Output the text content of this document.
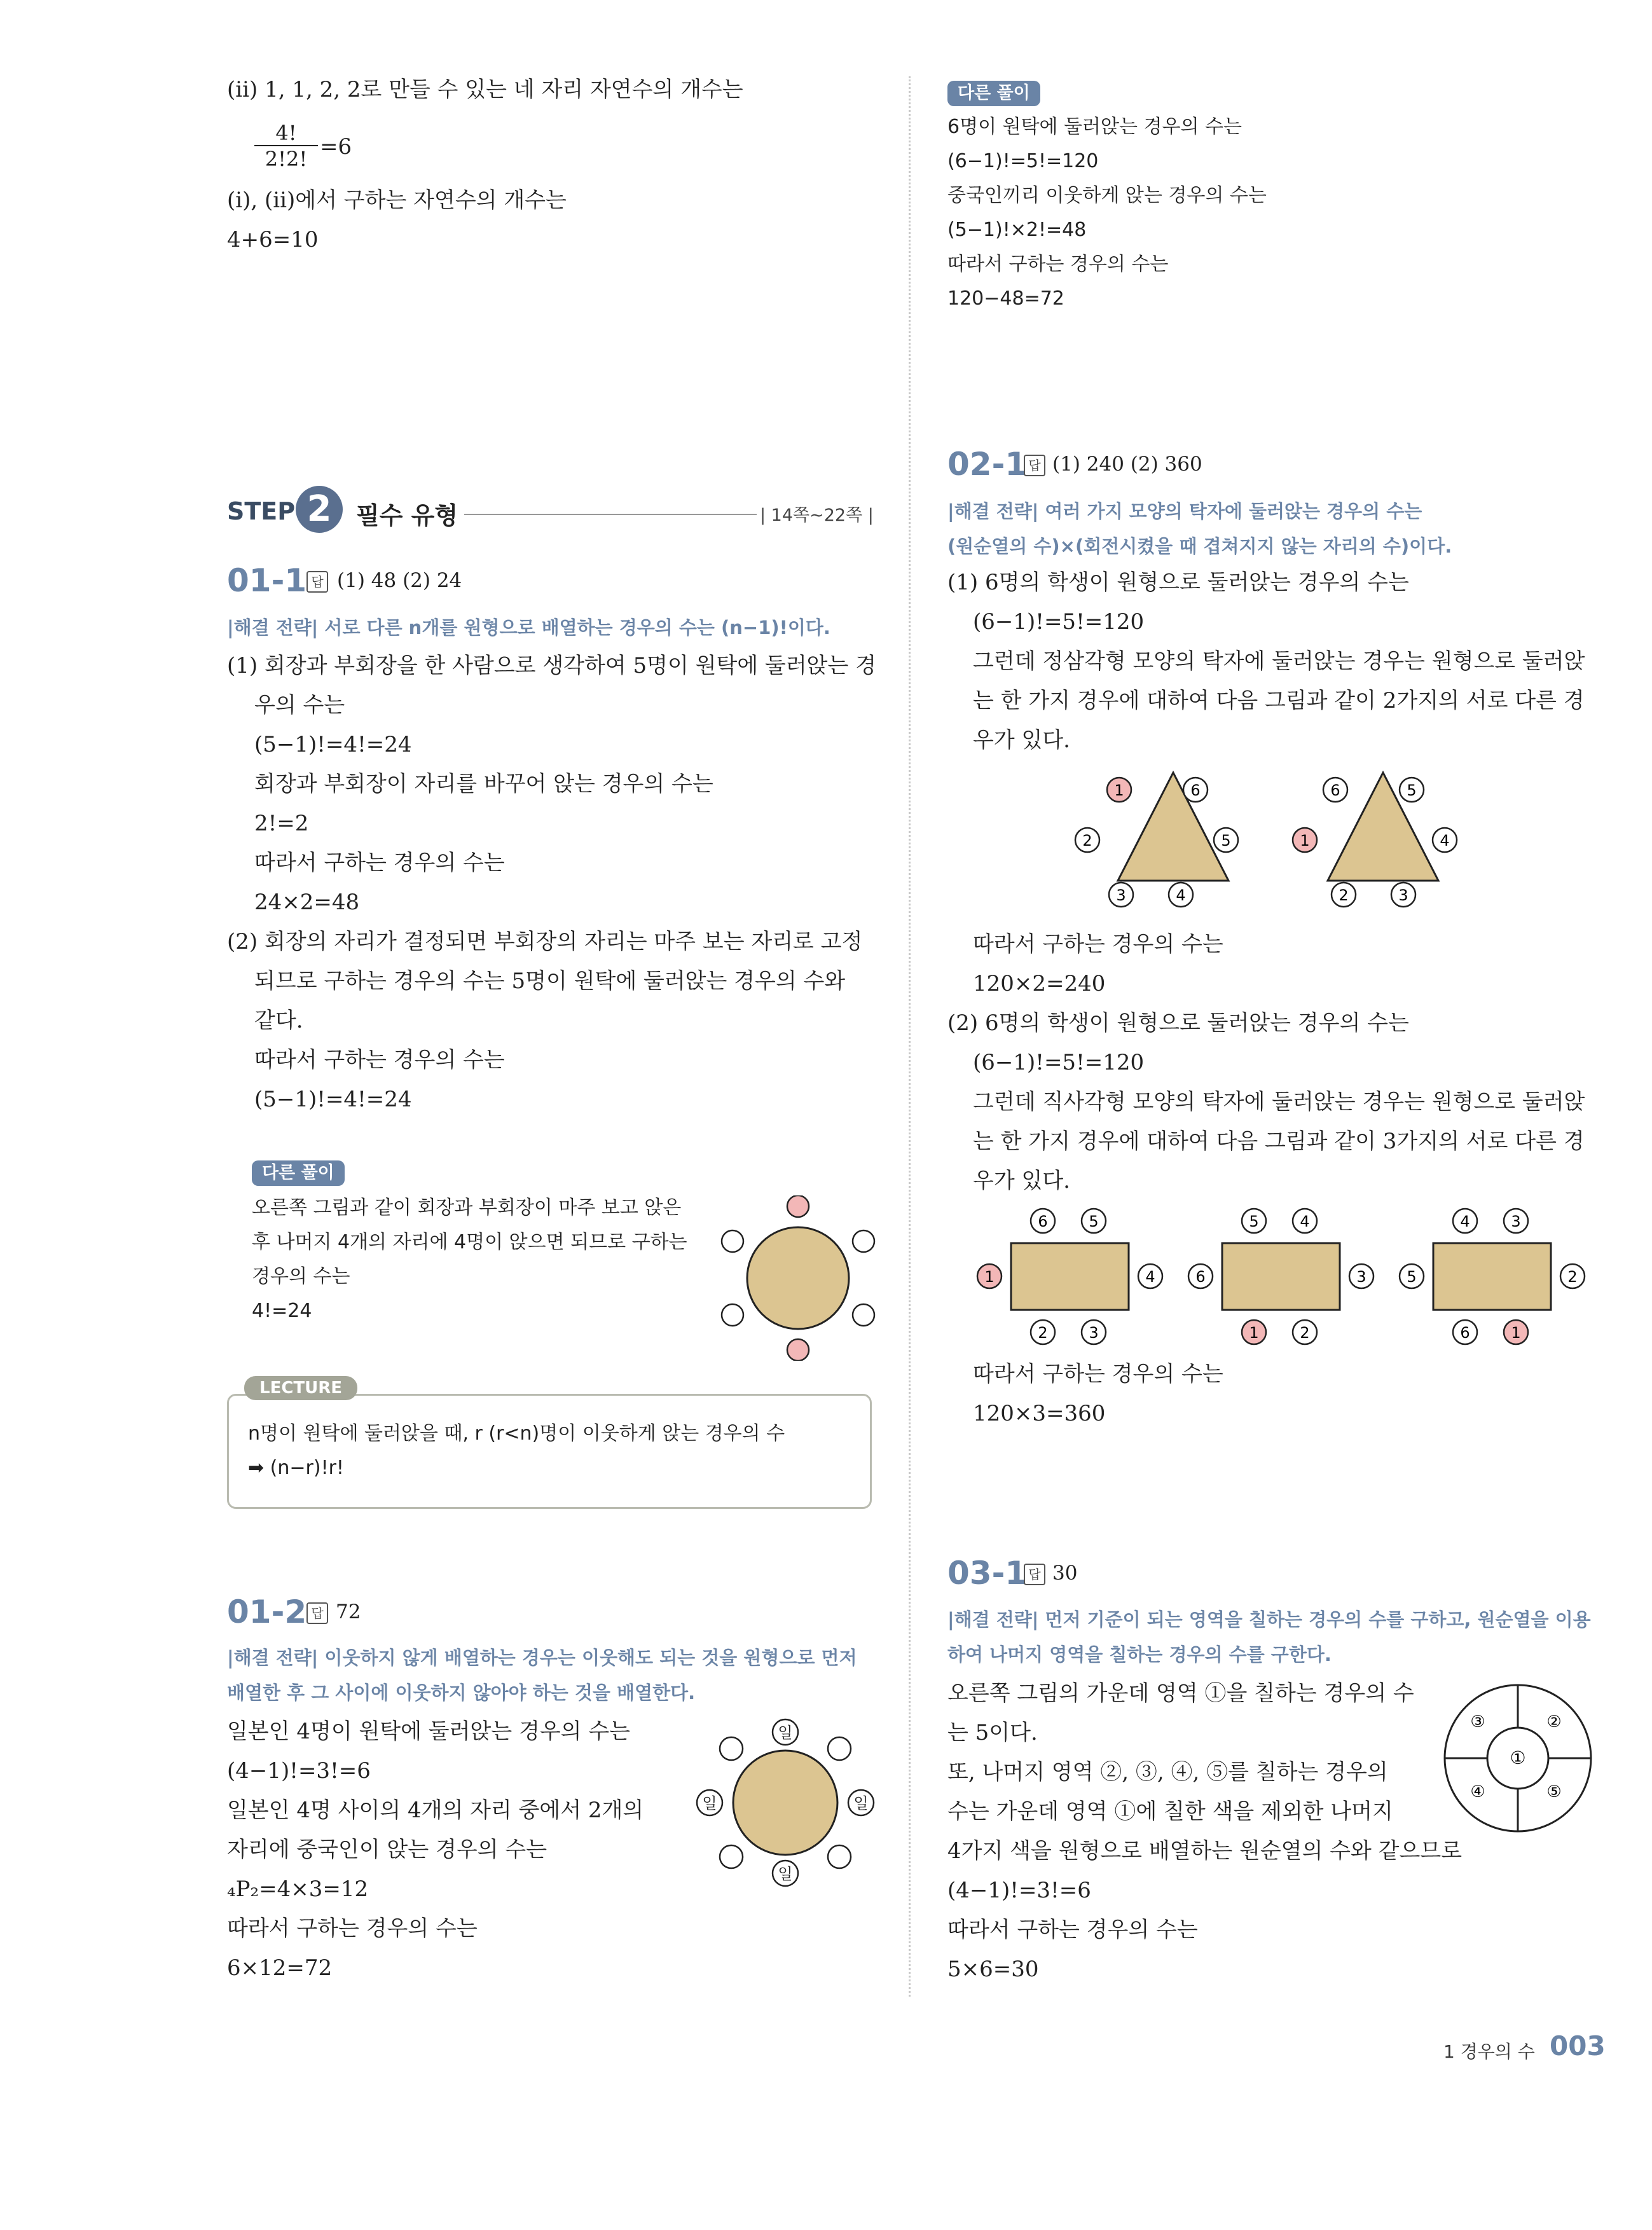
(ⅱ) 1, 1, 2, 2로 만들 수 있는 네 자리 자연수의 개수는
$\frac{4!}{2!2!} =6$
(ⅰ), (ⅱ)에서 구하는 자연수의 개수는
4+6=10
STEP 2	필수 유형	| 14쪽~22쪽 |
01-1 답 (1) 48 (2) 24
|해결 전략| 서로 다른 n개를 원형으로 배열하는 경우의 수는 (n−1)!이다.
(1) 회장과 부회장을 한 사람으로 생각하여 5명이 원탁에 둘러앉는 경
우의 수는
(5−1)!=4!=24
회장과 부회장이 자리를 바꾸어 앉는 경우의 수는
2!=2
따라서 구하는 경우의 수는
24×2=48
(2) 회장의 자리가 결정되면 부회장의 자리는 마주 보는 자리로 고정
되므로 구하는 경우의 수는 5명이 원탁에 둘러앉는 경우의 수와
같다.
따라서 구하는 경우의 수는
(5−1)!=4!=24
다른 풀이
오른쪽 그림과 같이 회장과 부회장이 마주 보고 앉은
후 나머지 4개의 자리에 4명이 앉으면 되므로 구하는
경우의 수는
4!=24
LECTURE
n명이 원탁에 둘러앉을 때, r (r<n)명이 이웃하게 앉는 경우의 수
➡ (n−r)!r!
01-2 답 72
|해결 전략| 이웃하지 않게 배열하는 경우는 이웃해도 되는 것을 원형으로 먼저
배열한 후 그 사이에 이웃하지 않아야 하는 것을 배열한다.
일본인 4명이 원탁에 둘러앉는 경우의 수는
(4−1)!=3!=6
일본인 4명 사이의 4개의 자리 중에서 2개의
자리에 중국인이 앉는 경우의 수는
₄P₂=4×3=12
따라서 구하는 경우의 수는
6×12=72
일
일
일	일
다른 풀이
6명이 원탁에 둘러앉는 경우의 수는
(6−1)!=5!=120
중국인끼리 이웃하게 앉는 경우의 수는
(5−1)!×2!=48
따라서 구하는 경우의 수는
120−48=72
02-1 답 (1) 240 (2) 360
|해결 전략| 여러 가지 모양의 탁자에 둘러앉는 경우의 수는
(원순열의 수)×(회전시켰을 때 겹쳐지지 않는 자리의 수)이다.
(1) 6명의 학생이 원형으로 둘러앉는 경우의 수는
(6−1)!=5!=120
그런데 정삼각형 모양의 탁자에 둘러앉는 경우는 원형으로 둘러앉
는 한 가지 경우에 대하여 다음 그림과 같이 2가지의 서로 다른 경
우가 있다.
1	6
2	5
3	4
6	5
1	4
2	3
따라서 구하는 경우의 수는
120×2=240
(2) 6명의 학생이 원형으로 둘러앉는 경우의 수는
(6−1)!=5!=120
그런데 직사각형 모양의 탁자에 둘러앉는 경우는 원형으로 둘러앉
는 한 가지 경우에 대하여 다음 그림과 같이 3가지의 서로 다른 경
우가 있다.
6	5
1	4
2	3
5	4
6	3
1	2
4	3
5	2
6	1
따라서 구하는 경우의 수는
120×3=360
03-1 답 30
|해결 전략| 먼저 기준이 되는 영역을 칠하는 경우의 수를 구하고, 원순열을 이용
하여 나머지 영역을 칠하는 경우의 수를 구한다.
오른쪽 그림의 가운데 영역 ①을 칠하는 경우의 수
는 5이다.
또, 나머지 영역 ②, ③, ④, ⑤를 칠하는 경우의
수는 가운데 영역 ①에 칠한 색을 제외한 나머지
4가지 색을 원형으로 배열하는 원순열의 수와 같으므로
(4−1)!=3!=6
따라서 구하는 경우의 수는
5×6=30
①
②
③
④	⑤
1 경우의 수 003
